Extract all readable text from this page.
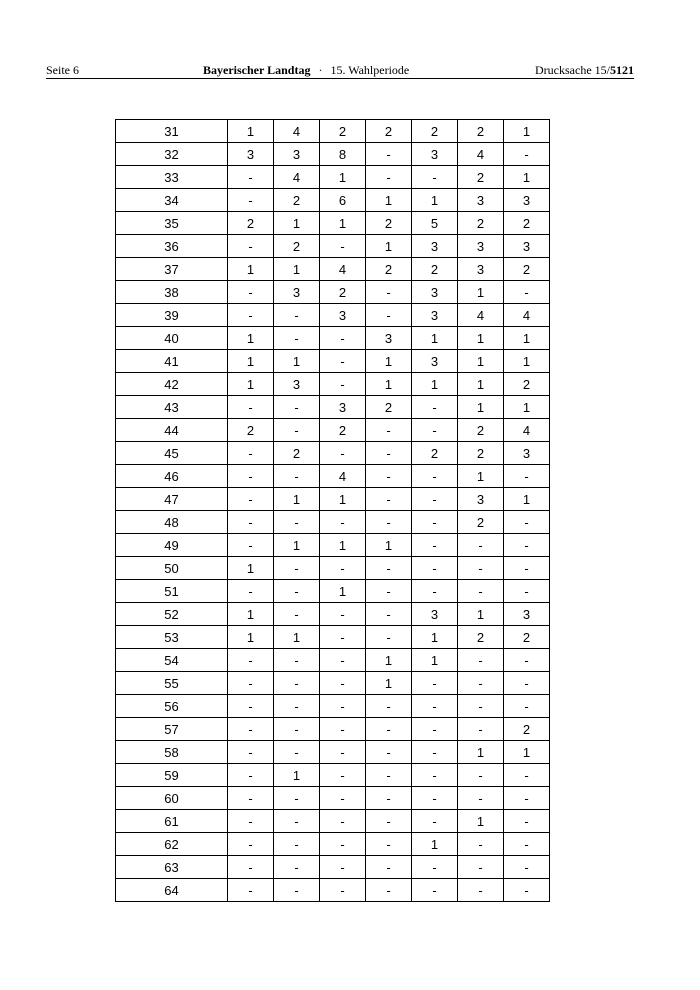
Seite 6	Bayerischer Landtag · 15. Wahlperiode	Drucksache 15/5121
31	1	4	2	2	2	2	1
32	3	3	8	-	3	4	-
33	-	4	1	-	-	2	1
34	-	2	6	1	1	3	3
35	2	1	1	2	5	2	2
36	-	2	-	1	3	3	3
37	1	1	4	2	2	3	2
38	-	3	2	-	3	1	-
39	-	-	3	-	3	4	4
40	1	-	-	3	1	1	1
41	1	1	-	1	3	1	1
42	1	3	-	1	1	1	2
43	-	-	3	2	-	1	1
44	2	-	2	-	-	2	4
45	-	2	-	-	2	2	3
46	-	-	4	-	-	1	-
47	-	1	1	-	-	3	1
48	-	-	-	-	-	2	-
49	-	1	1	1	-	-	-
50	1	-	-	-	-	-	-
51	-	-	1	-	-	-	-
52	1	-	-	-	3	1	3
53	1	1	-	-	1	2	2
54	-	-	-	1	1	-	-
55	-	-	-	1	-	-	-
56	-	-	-	-	-	-	-
57	-	-	-	-	-	-	2
58	-	-	-	-	-	1	1
59	-	1	-	-	-	-	-
60	-	-	-	-	-	-	-
61	-	-	-	-	-	1	-
62	-	-	-	-	1	-	-
63	-	-	-	-	-	-	-
64	-	-	-	-	-	-	-
